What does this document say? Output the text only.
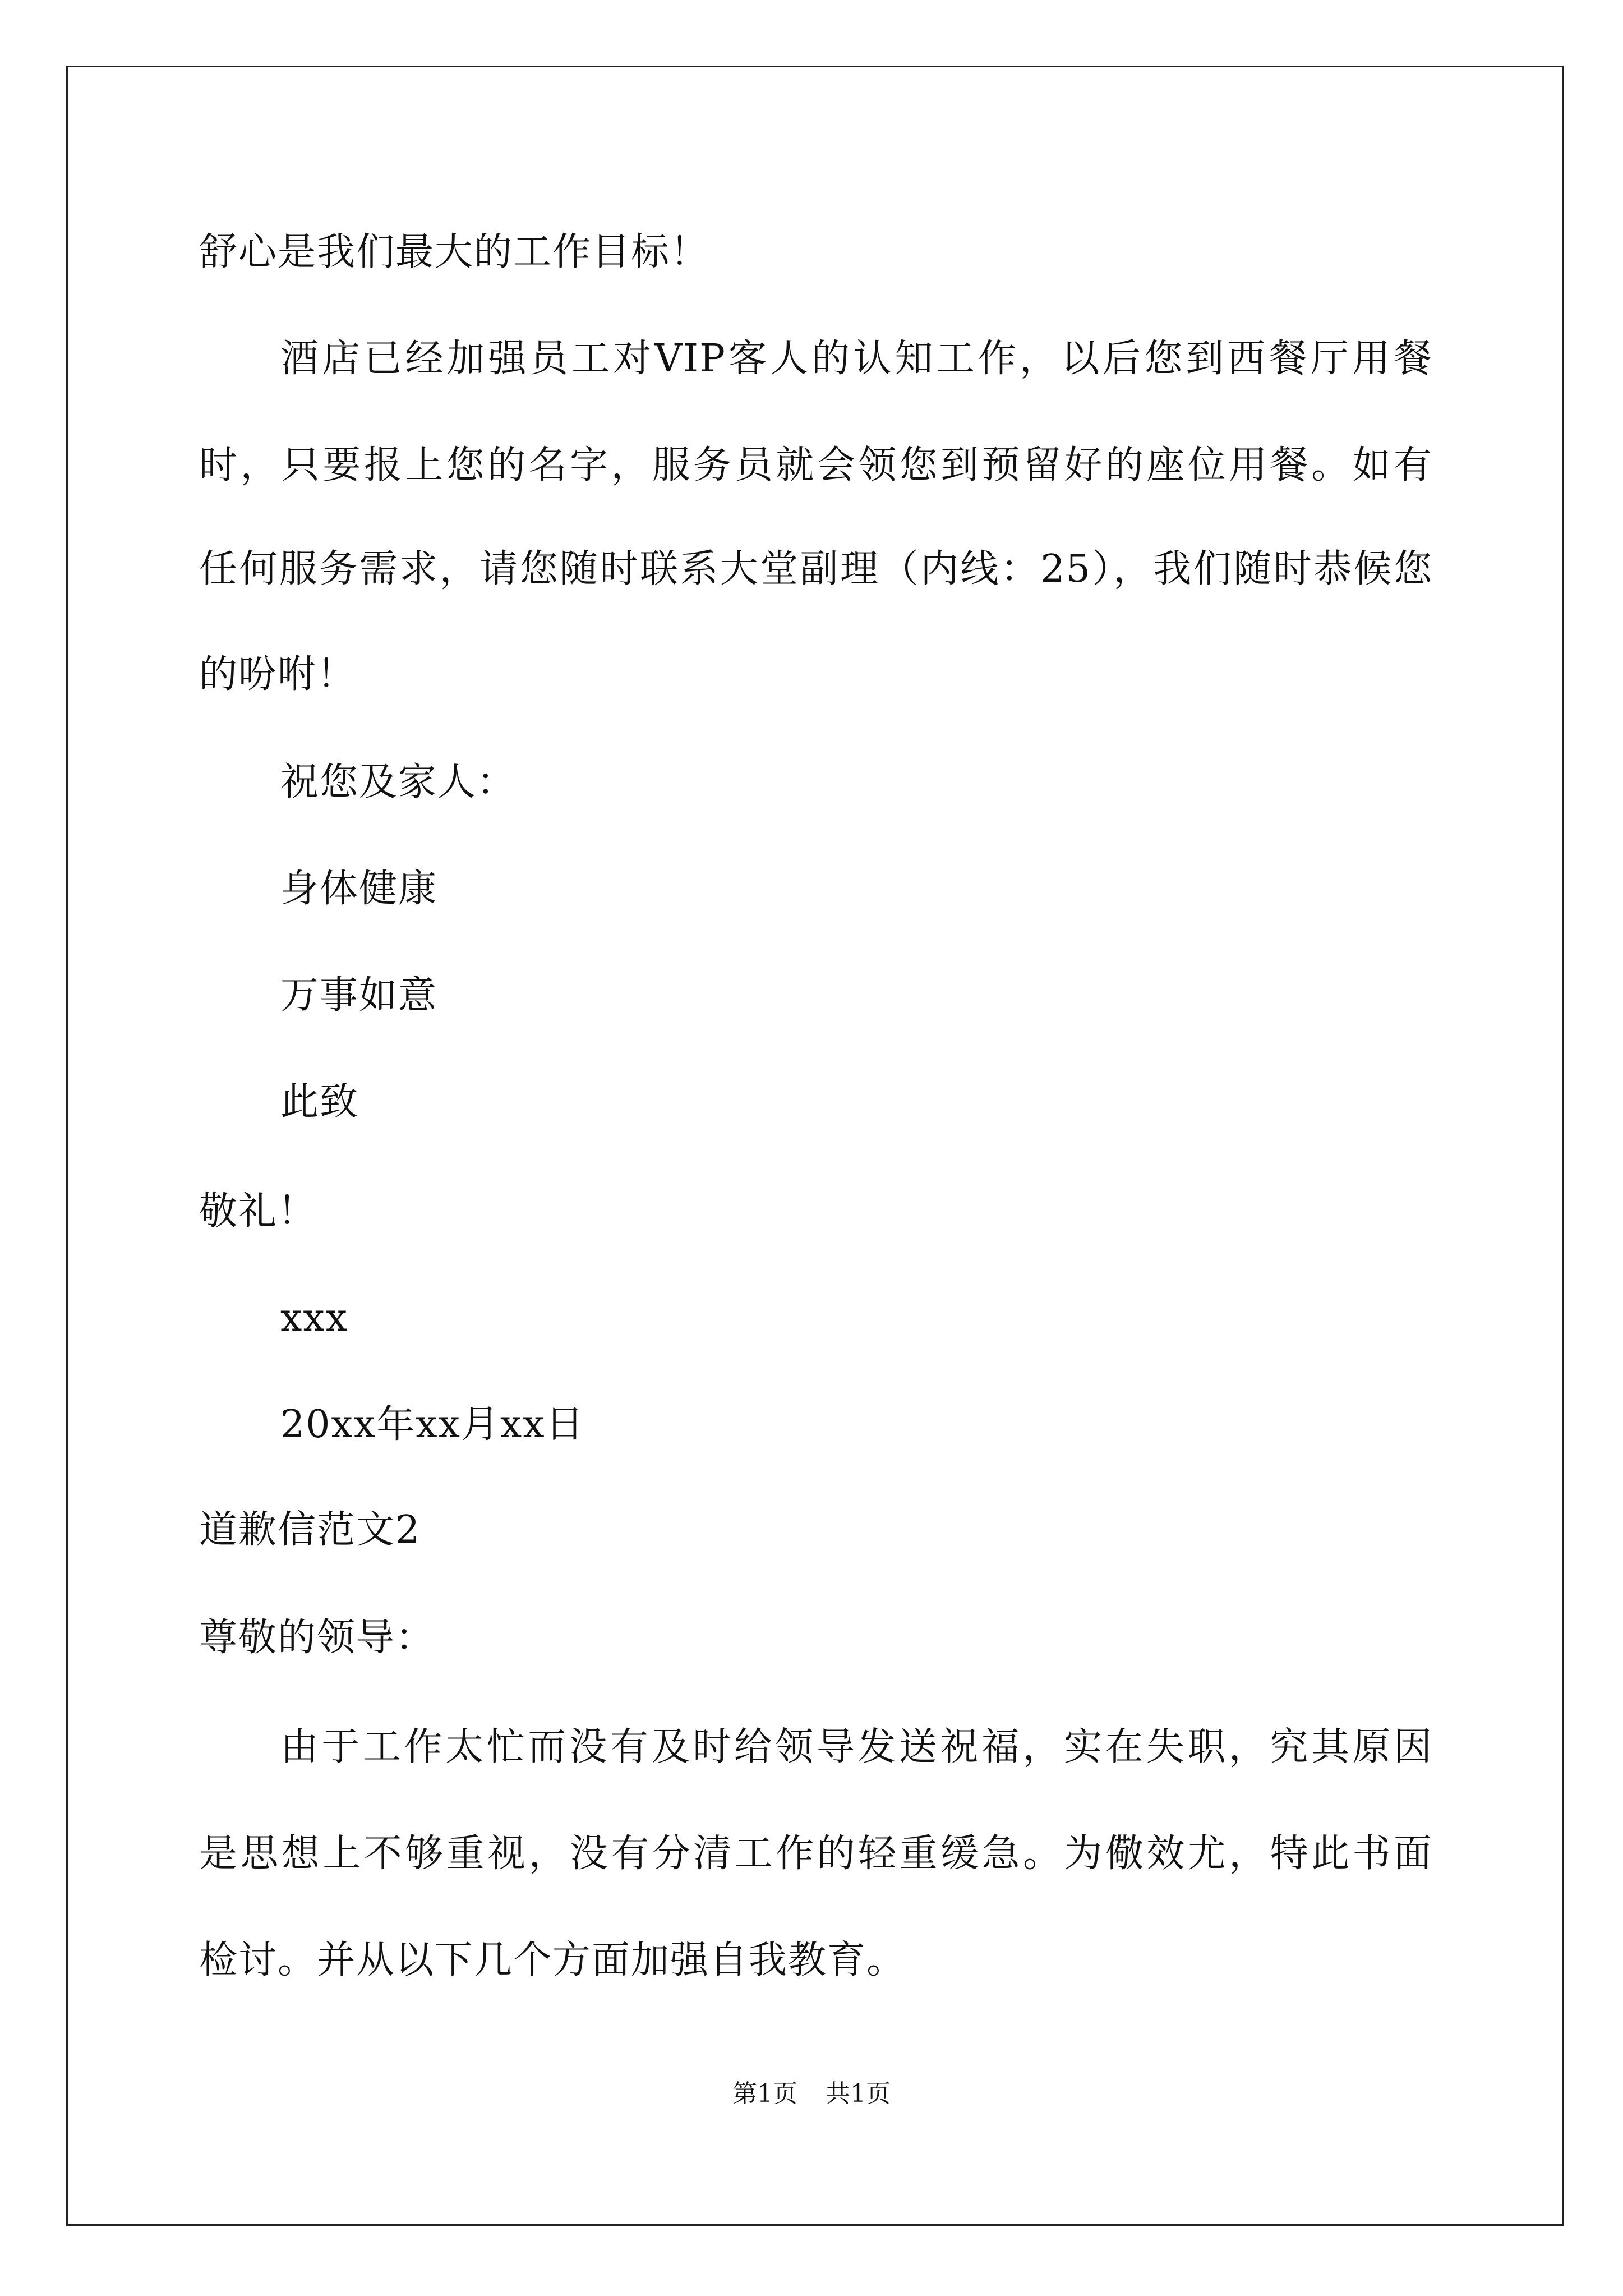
舒心是我们最大的工作目标！
酒店已经加强员工对VIP客人的认知工作，以后您到西餐厅用餐
时，只要报上您的名字，服务员就会领您到预留好的座位用餐。如有
任何服务需求，请您随时联系大堂副理（内线：25），我们随时恭候您
的吩咐！
祝您及家人：
身体健康
万事如意
此致
敬礼！
xxx
20xx年xx月xx日
道歉信范文2
尊敬的领导：
由于工作太忙而没有及时给领导发送祝福，实在失职，究其原因
是思想上不够重视，没有分清工作的轻重缓急。为儆效尤，特此书面
检讨。并从以下几个方面加强自我教育。
第1页 共1页
